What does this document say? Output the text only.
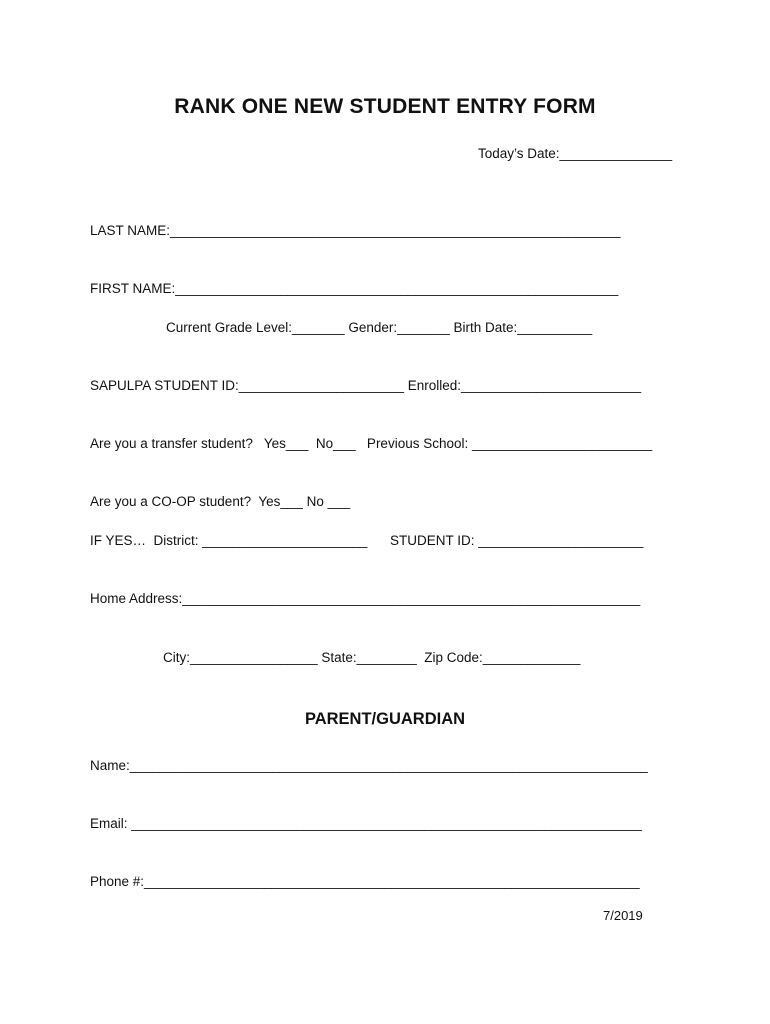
RANK ONE NEW STUDENT ENTRY FORM
Today’s Date:_______________
LAST NAME:____________________________________________________________
FIRST NAME:___________________________________________________________
Current Grade Level:_______ Gender:_______ Birth Date:__________
SAPULPA STUDENT ID:______________________ Enrolled:________________________
Are you a transfer student?   Yes___  No___   Previous School: ________________________
Are you a CO-OP student?  Yes___ No ___
IF YES…  District: ______________________      STUDENT ID: ______________________
Home Address:_____________________________________________________________
City:_________________ State:________  Zip Code:_____________
PARENT/GUARDIAN
Name:_____________________________________________________________________
Email: ____________________________________________________________________
Phone #:__________________________________________________________________
7/2019
